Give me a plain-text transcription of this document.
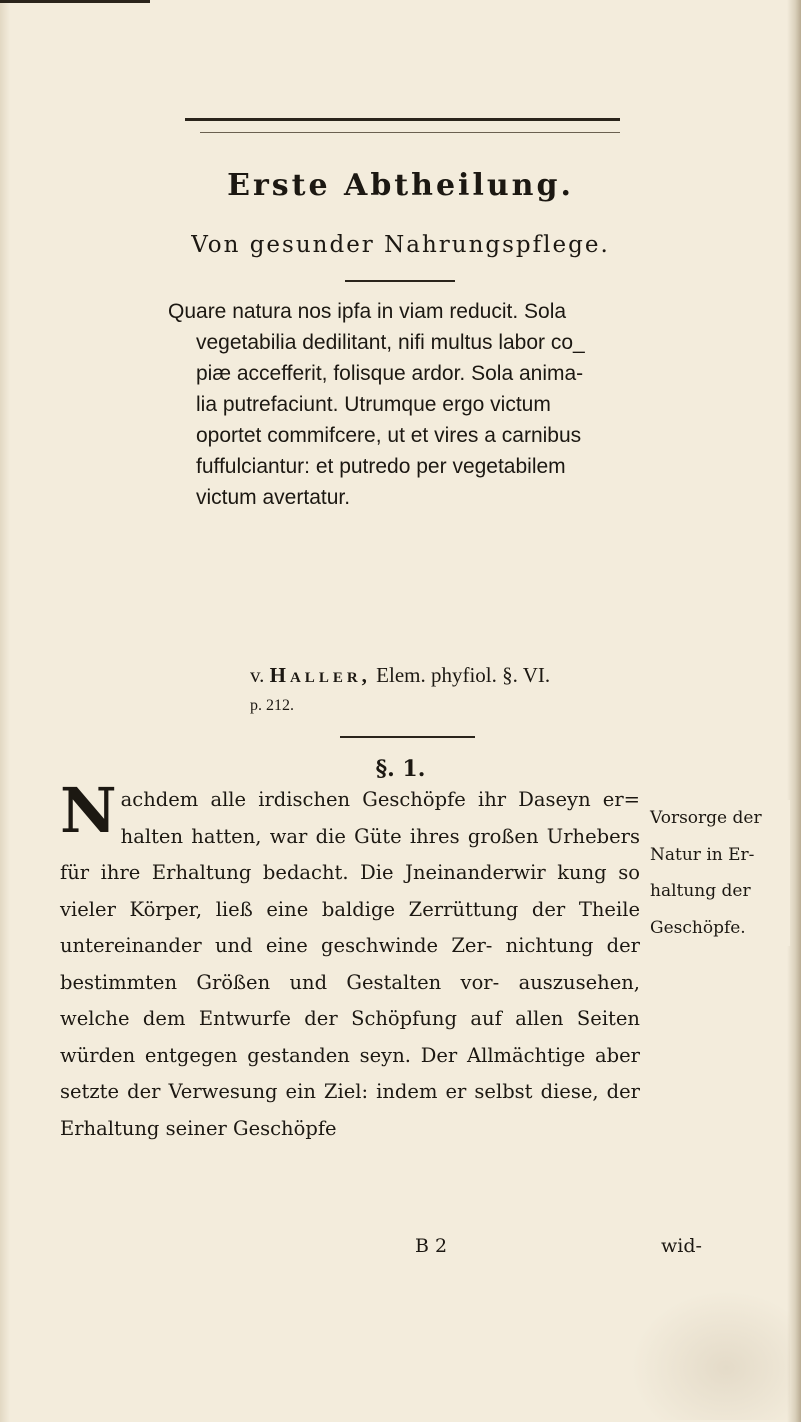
Erste Abtheilung.
Von gesunder Nahrungspflege.

Quare natura nos ipfa in viam reducit. Sola

vegetabilia dedilitant, nifi multus labor co_

piæ accefferit, folisque ardor. Sola anima-

lia putrefaciunt. Utrumque ergo victum

oportet commifcere, ut et vires a carnibus

fuffulciantur: et putredo per vegetabilem

victum avertatur.

v. Haller, Elem. phyfiol. §. VI.
p. 212.
§. 1.
Nachdem alle irdischen Geschöpfe ihr Daseyn er= halten hatten, war die Güte ihres großen Urhebers für ihre Erhaltung bedacht. Die Jneinanderwir kung so vieler Körper, ließ eine baldige Zerrüttung der Theile untereinander und eine geschwinde Zer- nichtung der bestimmten Größen und Gestalten vor- auszusehen, welche dem Entwurfe der Schöpfung auf allen Seiten würden entgegen gestanden seyn. Der Allmächtige aber setzte der Verwesung ein Ziel: indem er selbst diese, der Erhaltung seiner Geschöpfe
B 2	wid-
Vorsorge der
Natur in Er-
haltung der
Geschöpfe.
